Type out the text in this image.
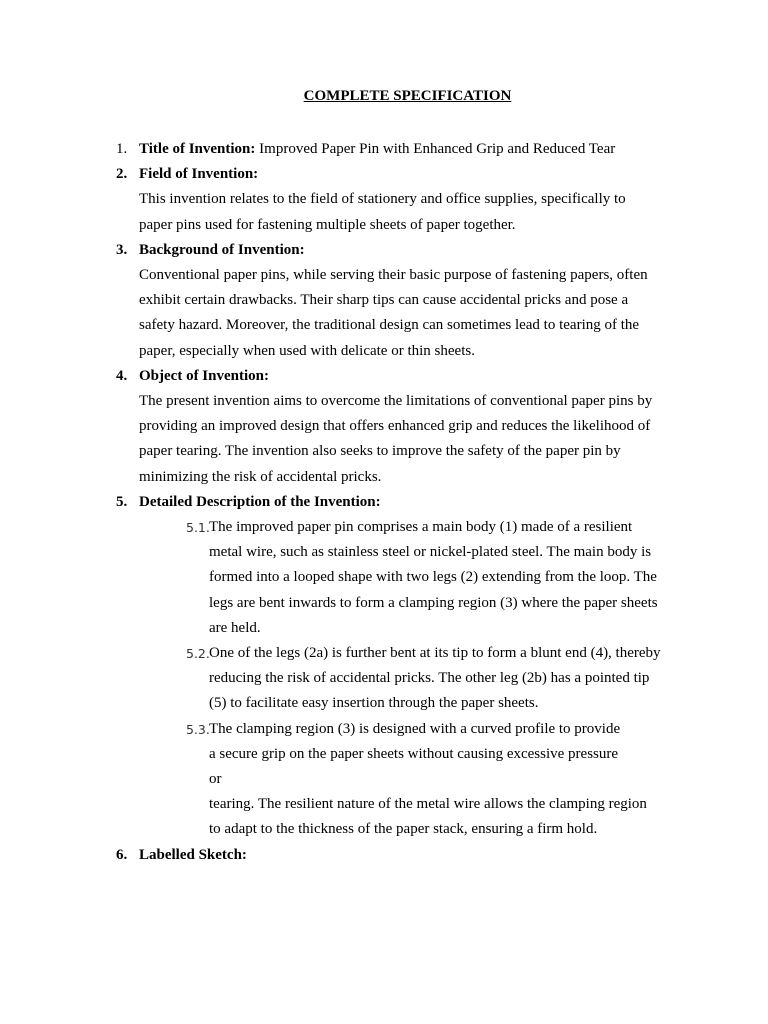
COMPLETE SPECIFICATION
1. Title of Invention: Improved Paper Pin with Enhanced Grip and Reduced Tear
2. Field of Invention:
This invention relates to the field of stationery and office supplies, specifically to
paper pins used for fastening multiple sheets of paper together.
3. Background of Invention:
Conventional paper pins, while serving their basic purpose of fastening papers, often
exhibit certain drawbacks. Their sharp tips can cause accidental pricks and pose a
safety hazard. Moreover, the traditional design can sometimes lead to tearing of the
paper, especially when used with delicate or thin sheets.
4. Object of Invention:
The present invention aims to overcome the limitations of conventional paper pins by
providing an improved design that offers enhanced grip and reduces the likelihood of
paper tearing. The invention also seeks to improve the safety of the paper pin by
minimizing the risk of accidental pricks.
5. Detailed Description of the Invention:
5.1. The improved paper pin comprises a main body (1) made of a resilient
metal wire, such as stainless steel or nickel-plated steel. The main body is
formed into a looped shape with two legs (2) extending from the loop. The
legs are bent inwards to form a clamping region (3) where the paper sheets
are held.
5.2. One of the legs (2a) is further bent at its tip to form a blunt end (4), thereby
reducing the risk of accidental pricks. The other leg (2b) has a pointed tip
(5) to facilitate easy insertion through the paper sheets.
5.3. The clamping region (3) is designed with a curved profile to provide
a secure grip on the paper sheets without causing excessive pressure
or
tearing. The resilient nature of the metal wire allows the clamping region
to adapt to the thickness of the paper stack, ensuring a firm hold.
6. Labelled Sketch:
